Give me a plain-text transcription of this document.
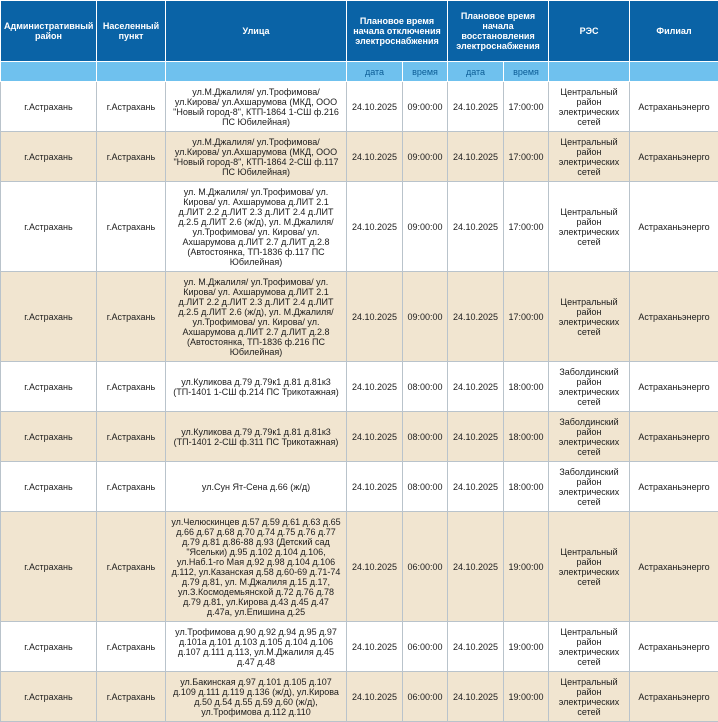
Административный район	Населенный пункт	Улица	Плановое время начала отключения электроснабжения		Плановое время начала восстановления электроснабжения		РЭС	Филиал
			дата	время	дата	время		
г.Астрахань	г.Астрахань	ул.М.Джалиля/ ул.Трофимова/ ул.Кирова/ ул.Ахшарумова (МКД, ООО "Новый город-8", КТП-1864 1-СШ ф.216 ПС Юбилейная)	24.10.2025	09:00:00	24.10.2025	17:00:00	Центральный район электрических сетей	Астраханьэнерго
г.Астрахань	г.Астрахань	ул.М.Джалиля/ ул.Трофимова/ ул.Кирова/ ул.Ахшарумова (МКД, ООО "Новый город-8", КТП-1864 2-СШ ф.117 ПС Юбилейная)	24.10.2025	09:00:00	24.10.2025	17:00:00	Центральный район электрических сетей	Астраханьэнерго
г.Астрахань	г.Астрахань	ул. М.Джалиля/ ул.Трофимова/ ул. Кирова/ ул. Ахшарумова д.ЛИТ 2.1 д.ЛИТ 2.2 д.ЛИТ 2.3 д.ЛИТ 2.4 д.ЛИТ д.2.5 д.ЛИТ 2.6 (ж/д), ул. М.Джалиля/ ул.Трофимова/ ул. Кирова/ ул. Ахшарумова д.ЛИТ 2.7 д.ЛИТ д.2.8 (Автостоянка, ТП-1836 ф.117 ПС Юбилейная)	24.10.2025	09:00:00	24.10.2025	17:00:00	Центральный район электрических сетей	Астраханьэнерго
г.Астрахань	г.Астрахань	ул. М.Джалиля/ ул.Трофимова/ ул. Кирова/ ул. Ахшарумова д.ЛИТ 2.1 д.ЛИТ 2.2 д.ЛИТ 2.3 д.ЛИТ 2.4 д.ЛИТ д.2.5 д.ЛИТ 2.6 (ж/д), ул. М.Джалиля/ ул.Трофимова/ ул. Кирова/ ул. Ахшарумова д.ЛИТ 2.7 д.ЛИТ д.2.8 (Автостоянка, ТП-1836 ф.216 ПС Юбилейная)	24.10.2025	09:00:00	24.10.2025	17:00:00	Центральный район электрических сетей	Астраханьэнерго
г.Астрахань	г.Астрахань	ул.Куликова д.79 д.79к1 д.81 д.81к3 (ТП-1401 1-СШ ф.214 ПС Трикотажная)	24.10.2025	08:00:00	24.10.2025	18:00:00	Заболдинский район электрических сетей	Астраханьэнерго
г.Астрахань	г.Астрахань	ул.Куликова д.79 д.79к1 д.81 д.81к3 (ТП-1401 2-СШ ф.311 ПС Трикотажная)	24.10.2025	08:00:00	24.10.2025	18:00:00	Заболдинский район электрических сетей	Астраханьэнерго
г.Астрахань	г.Астрахань	ул.Сун Ят-Сена д.66 (ж/д)	24.10.2025	08:00:00	24.10.2025	18:00:00	Заболдинский район электрических сетей	Астраханьэнерго
г.Астрахань	г.Астрахань	ул.Челюскинцев д.57 д.59 д.61 д.63 д.65 д.66 д.67 д.68 д.70 д.74 д.75 д.76 д.77 д.79 д.81 д.86-88 д.93 (Детский сад "Ясельки) д.95 д.102 д.104 д.106, ул.Наб.1-го Мая д.92 д.98 д.104 д.106 д.112, ул.Казанская д.58 д.60-69 д.71-74 д.79 д.81, ул. М.Джалиля д.15 д.17, ул.З.Космодемьянской д.72 д.76 д.78 д.79 д.81, ул.Кирова д.43 д.45 д.47 д.47а, ул.Епишина д.25	24.10.2025	06:00:00	24.10.2025	19:00:00	Центральный район электрических сетей	Астраханьэнерго
г.Астрахань	г.Астрахань	ул.Трофимова д.90 д.92 д.94 д.95 д.97 д.101а д.101 д.103 д.105 д.104 д.106 д.107 д.111 д.113, ул.М.Джалиля д.45 д.47 д.48	24.10.2025	06:00:00	24.10.2025	19:00:00	Центральный район электрических сетей	Астраханьэнерго
г.Астрахань	г.Астрахань	ул.Бакинская д.97 д.101 д.105 д.107 д.109 д.111 д.119 д.136 (ж/д), ул.Кирова д.50 д.54 д.55 д.59 д.60 (ж/д), ул.Трофимова д.112 д.110	24.10.2025	06:00:00	24.10.2025	19:00:00	Центральный район электрических сетей	Астраханьэнерго
